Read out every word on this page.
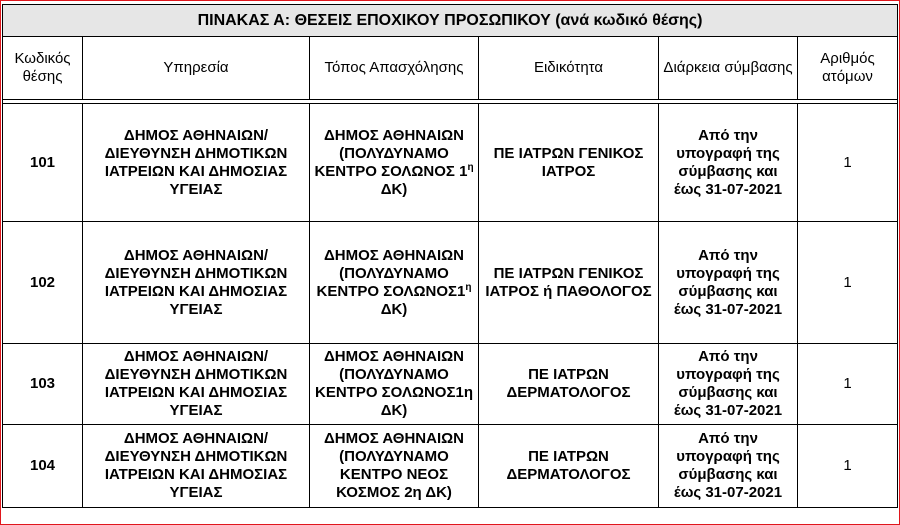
ΠΙΝΑΚΑΣ Α: ΘΕΣΕΙΣ ΕΠΟΧΙΚΟΥ ΠΡΟΣΩΠΙΚΟΥ (ανά κωδικό θέσης)					
Κωδικός θέσης	Υπηρεσία	Τόπος Απασχόλησης	Ειδικότητα	Διάρκεια σύμβασης	Αριθμός ατόμων

101	ΔΗΜΟΣ ΑΘΗΝΑΙΩΝ/ ΔΙΕΥΘΥΝΣΗ ΔΗΜΟΤΙΚΩΝ ΙΑΤΡΕΙΩΝ ΚΑΙ ΔΗΜΟΣΙΑΣ ΥΓΕΙΑΣ	ΔΗΜΟΣ ΑΘΗΝΑΙΩΝ (ΠΟΛΥΔΥΝΑΜΟ ΚΕΝΤΡΟ ΣΟΛΩΝΟΣ $1^\eta$ ΔΚ)	ΠΕ ΙΑΤΡΩΝ ΓΕΝΙΚΟΣ ΙΑΤΡΟΣ	Από την υπογραφή της σύμβασης και έως 31-07-2021	1
102	ΔΗΜΟΣ ΑΘΗΝΑΙΩΝ/ ΔΙΕΥΘΥΝΣΗ ΔΗΜΟΤΙΚΩΝ ΙΑΤΡΕΙΩΝ ΚΑΙ ΔΗΜΟΣΙΑΣ ΥΓΕΙΑΣ	ΔΗΜΟΣ ΑΘΗΝΑΙΩΝ (ΠΟΛΥΔΥΝΑΜΟ ΚΕΝΤΡΟ $\Sigma O\Lambda\Omega NO\Sigma 1^\eta$ ΔΚ)	ΠΕ ΙΑΤΡΩΝ ΓΕΝΙΚΟΣ ΙΑΤΡΟΣ ή ΠΑΘΟΛΟΓΟΣ	Από την υπογραφή της σύμβασης και έως 31-07-2021	1
103	ΔΗΜΟΣ ΑΘΗΝΑΙΩΝ/ ΔΙΕΥΘΥΝΣΗ ΔΗΜΟΤΙΚΩΝ ΙΑΤΡΕΙΩΝ ΚΑΙ ΔΗΜΟΣΙΑΣ ΥΓΕΙΑΣ	ΔΗΜΟΣ ΑΘΗΝΑΙΩΝ (ΠΟΛΥΔΥΝΑΜΟ ΚΕΝΤΡΟ ΣΟΛΩΝΟΣ1η ΔΚ)	ΠΕ ΙΑΤΡΩΝ ΔΕΡΜΑΤΟΛΟΓΟΣ	Από την υπογραφή της σύμβασης και έως 31-07-2021	1
104	ΔΗΜΟΣ ΑΘΗΝΑΙΩΝ/ ΔΙΕΥΘΥΝΣΗ ΔΗΜΟΤΙΚΩΝ ΙΑΤΡΕΙΩΝ ΚΑΙ ΔΗΜΟΣΙΑΣ ΥΓΕΙΑΣ	ΔΗΜΟΣ ΑΘΗΝΑΙΩΝ (ΠΟΛΥΔΥΝΑΜΟ ΚΕΝΤΡΟ ΝΕΟΣ ΚΟΣΜΟΣ 2η ΔΚ)	ΠΕ ΙΑΤΡΩΝ ΔΕΡΜΑΤΟΛΟΓΟΣ	Από την υπογραφή της σύμβασης και έως 31-07-2021	1
